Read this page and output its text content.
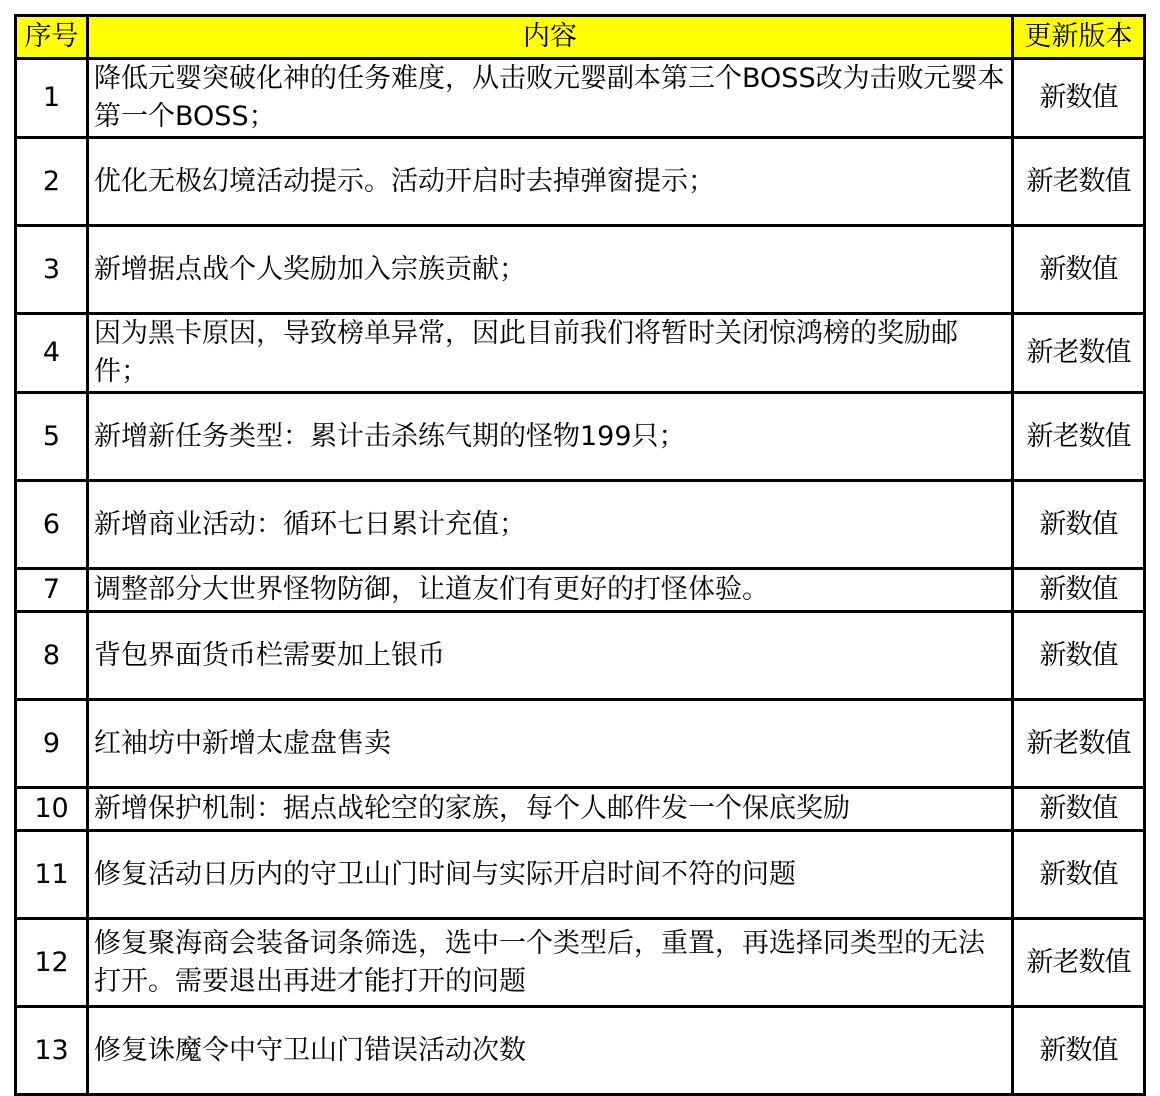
序号	内容	更新版本
1	降低元婴突破化神的任务难度，从击败元婴副本第三个BOSS改为击败元婴本第一个BOSS；	新数值
2	优化无极幻境活动提示。活动开启时去掉弹窗提示；	新老数值
3	新增据点战个人奖励加入宗族贡献；	新数值
4	因为黑卡原因，导致榜单异常，因此目前我们将暂时关闭惊鸿榜的奖励邮件；	新老数值
5	新增新任务类型：累计击杀练气期的怪物199只；	新老数值
6	新增商业活动：循环七日累计充值；	新数值
7	调整部分大世界怪物防御，让道友们有更好的打怪体验。	新数值
8	背包界面货币栏需要加上银币	新数值
9	红袖坊中新增太虚盘售卖	新老数值
10	新增保护机制：据点战轮空的家族，每个人邮件发一个保底奖励	新数值
11	修复活动日历内的守卫山门时间与实际开启时间不符的问题	新数值
12	修复聚海商会装备词条筛选，选中一个类型后，重置，再选择同类型的无法打开。需要退出再进才能打开的问题	新老数值
13	修复诛魔令中守卫山门错误活动次数	新数值
